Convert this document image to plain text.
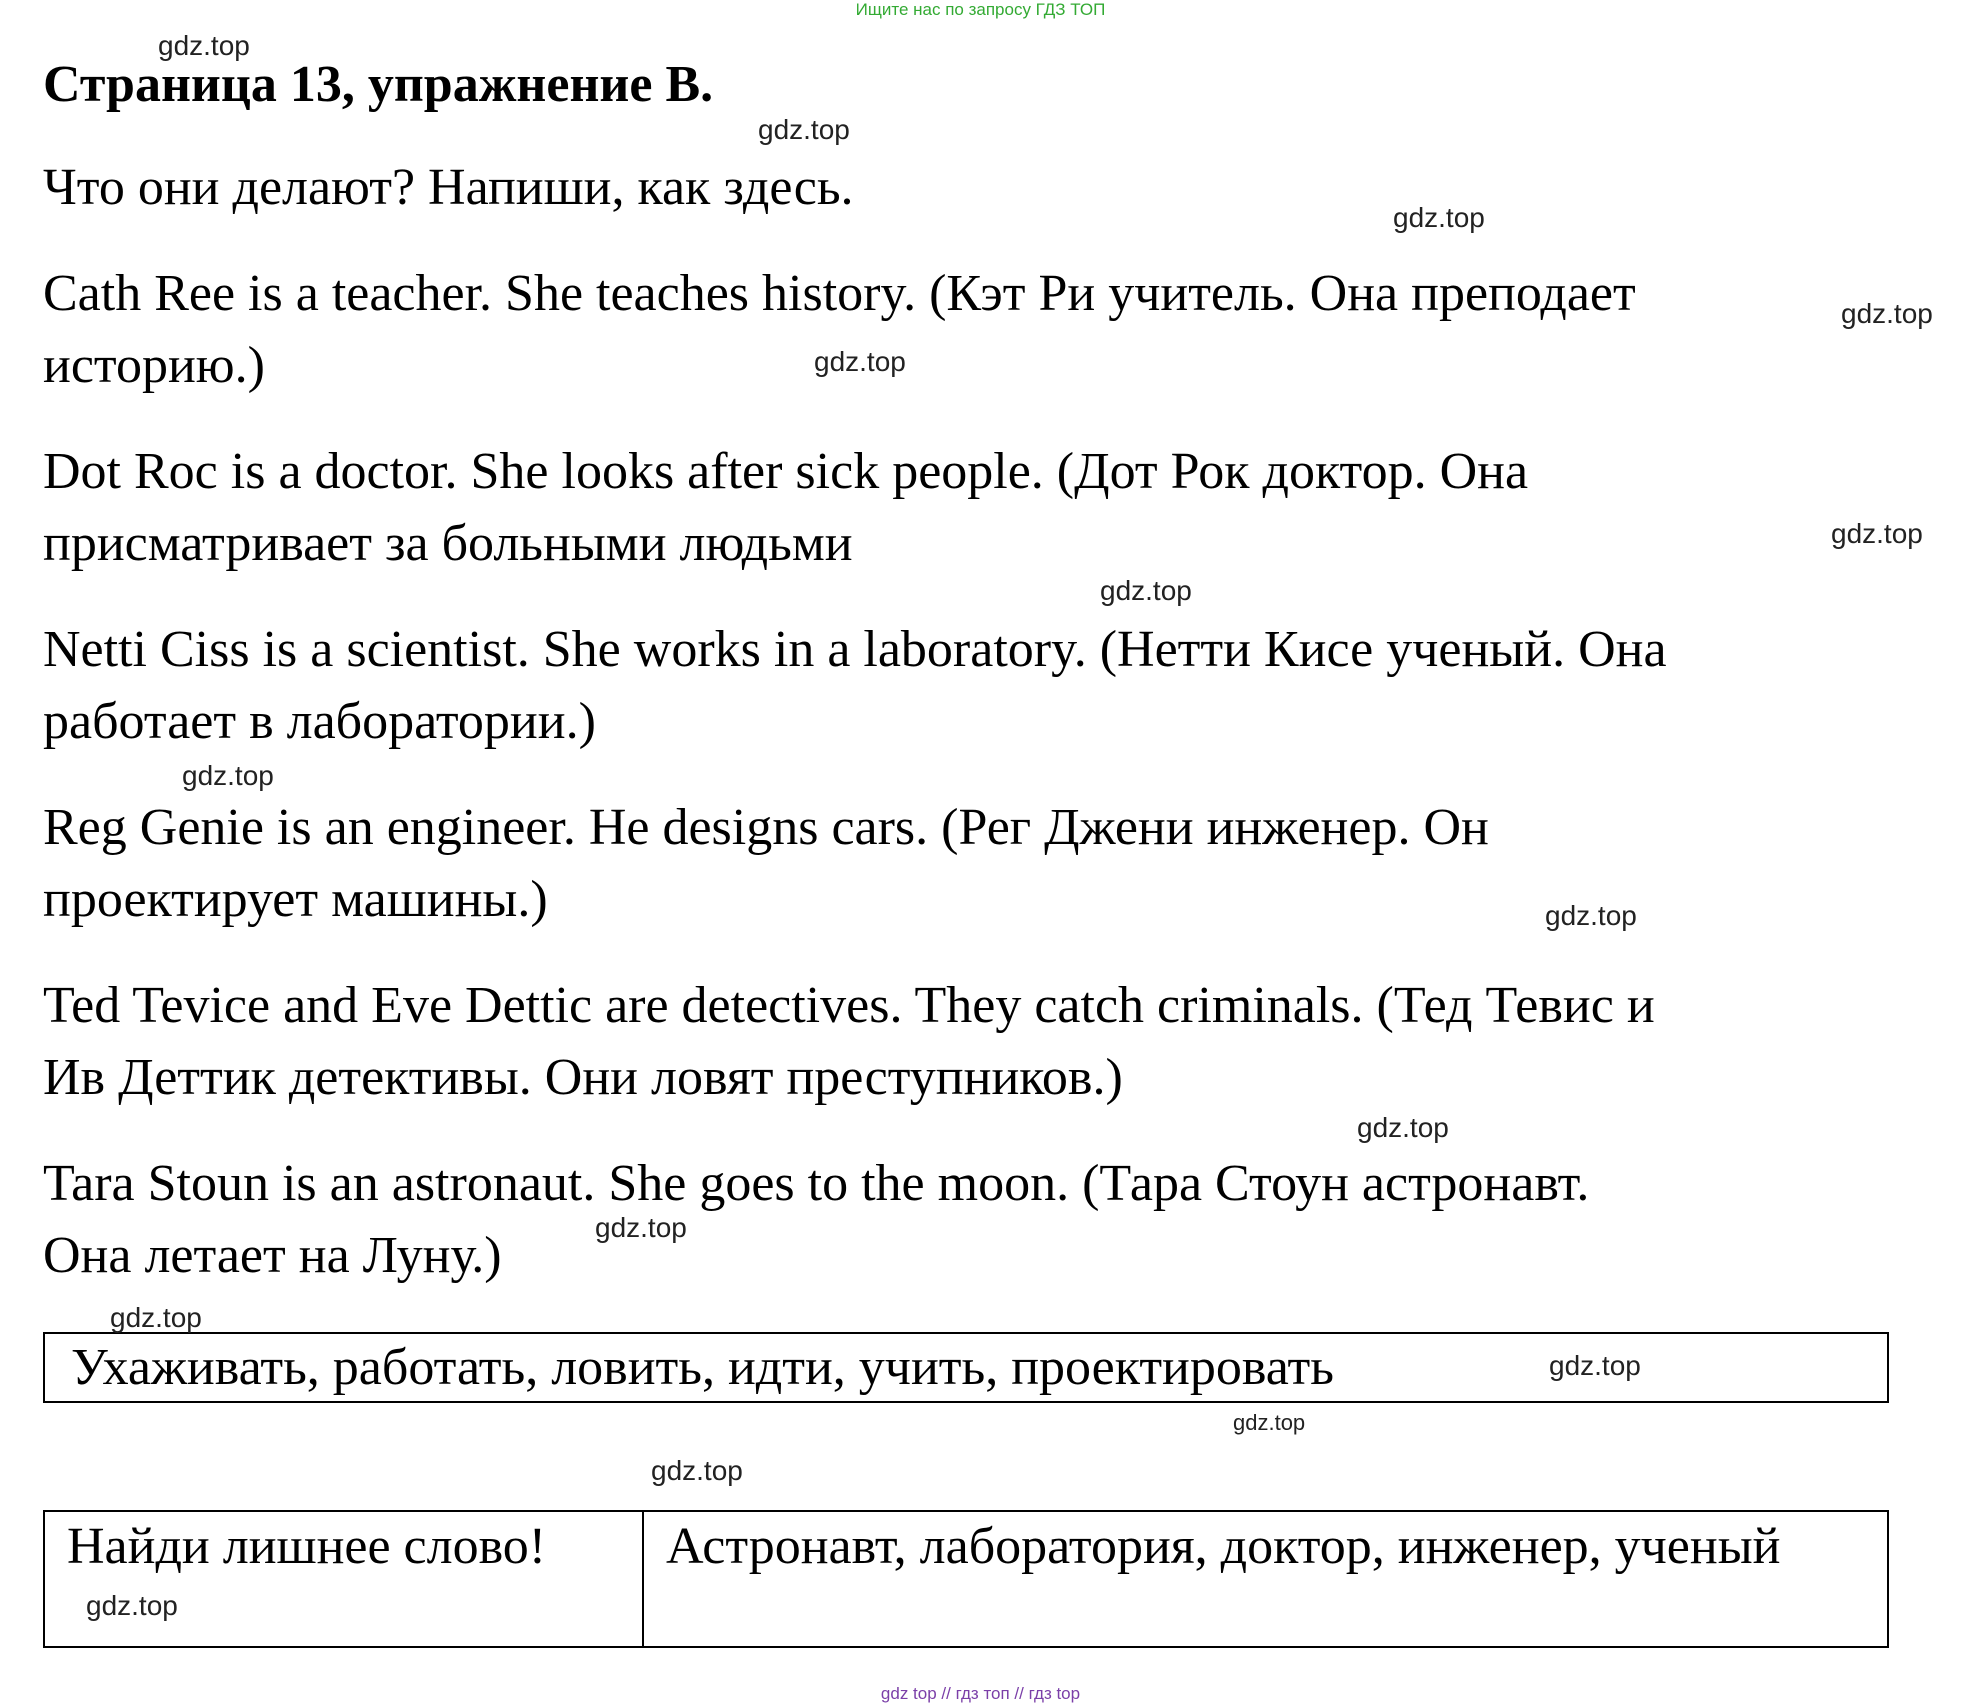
Ищите нас по запросу ГДЗ ТОП
Страница 13, упражнение B.

Что они делают? Напиши, как здесь.

Cath Ree is a teacher. She teaches history. (Кэт Ри учитель. Она преподает
историю.)

Dot Roc is a doctor. She looks after sick people. (Дот Рок доктор. Она
присматривает за больными людьми

Netti Ciss is a scientist. She works in a laboratory. (Нетти Кисе ученый. Она
работает в лаборатории.)

Reg Genie is an engineer. He designs cars. (Рег Джени инженер. Он
проектирует машины.)

Ted Tevice and Eve Dettic are detectives. They catch criminals. (Тед Тевис и
Ив Деттик детективы. Они ловят преступников.)

Tara Stoun is an astronaut. She goes to the moon. (Тара Стоун астронавт.
Она летает на Луну.)

Ухаживать, работать, ловить, идти, учить, проектировать
Найди лишнее слово!	Астронавт, лаборатория, доктор, инженер, ученый
gdz.top
gdz.top
gdz.top
gdz.top
gdz.top
gdz.top
gdz.top
gdz.top
gdz.top
gdz.top
gdz.top
gdz.top
gdz.top
gdz.top
gdz.top
gdz.top
gdz top // гдз топ // гдз top
